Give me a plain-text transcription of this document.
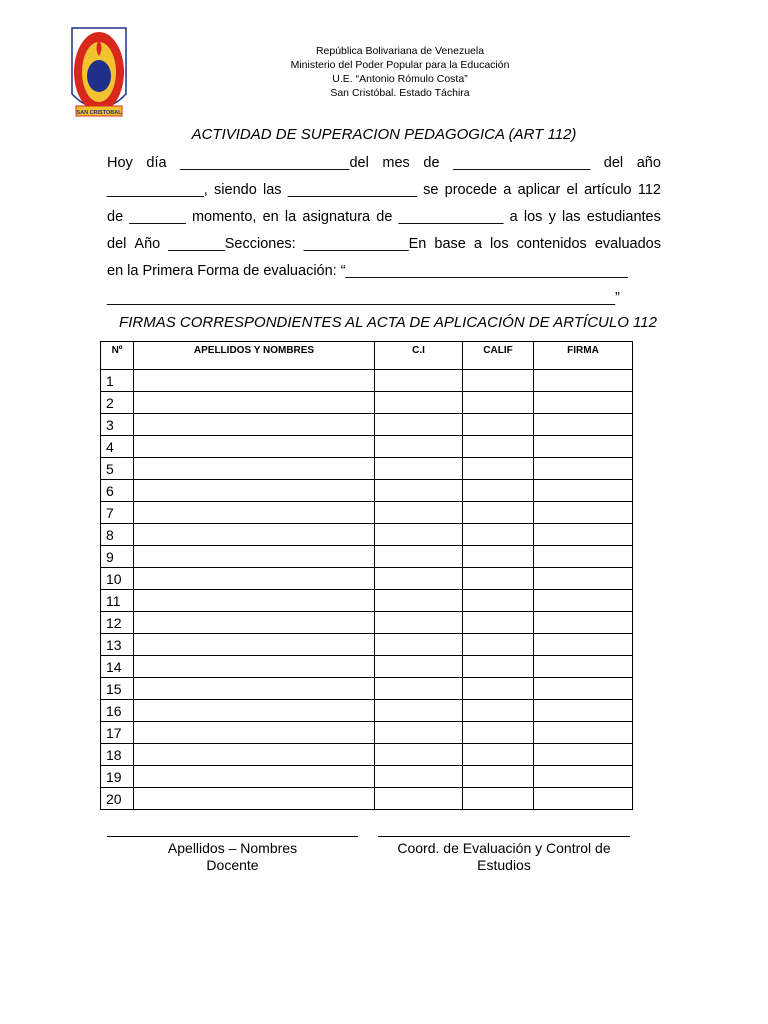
SAN CRISTOBAL
República Bolivariana de Venezuela
Ministerio del Poder Popular para la Educación
U.E. “Antonio Rómulo Costa”
San Cristóbal. Estado Táchira
ACTIVIDAD DE SUPERACION PEDAGOGICA (ART 112)
Hoy día _____________________del mes de _________________ del año
____________, siendo las ________________ se procede a aplicar el artículo 112
de _______ momento, en la asignatura de _____________ a los y las estudiantes
del Año _______Secciones: _____________En base a los contenidos evaluados
en la Primera Forma de evaluación: “___________________________________
_______________________________________________________________”
FIRMAS CORRESPONDIENTES AL ACTA DE APLICACIÓN DE ARTÍCULO 112
Nº	APELLIDOS Y NOMBRES	C.I	CALIF	FIRMA
1				
2				
3				
4				
5				
6				
7				
8				
9				
10				
11				
12				
13				
14				
15				
16				
17				
18				
19				
20				
Apellidos – Nombres
Docente
Coord. de Evaluación y Control de
Estudios
